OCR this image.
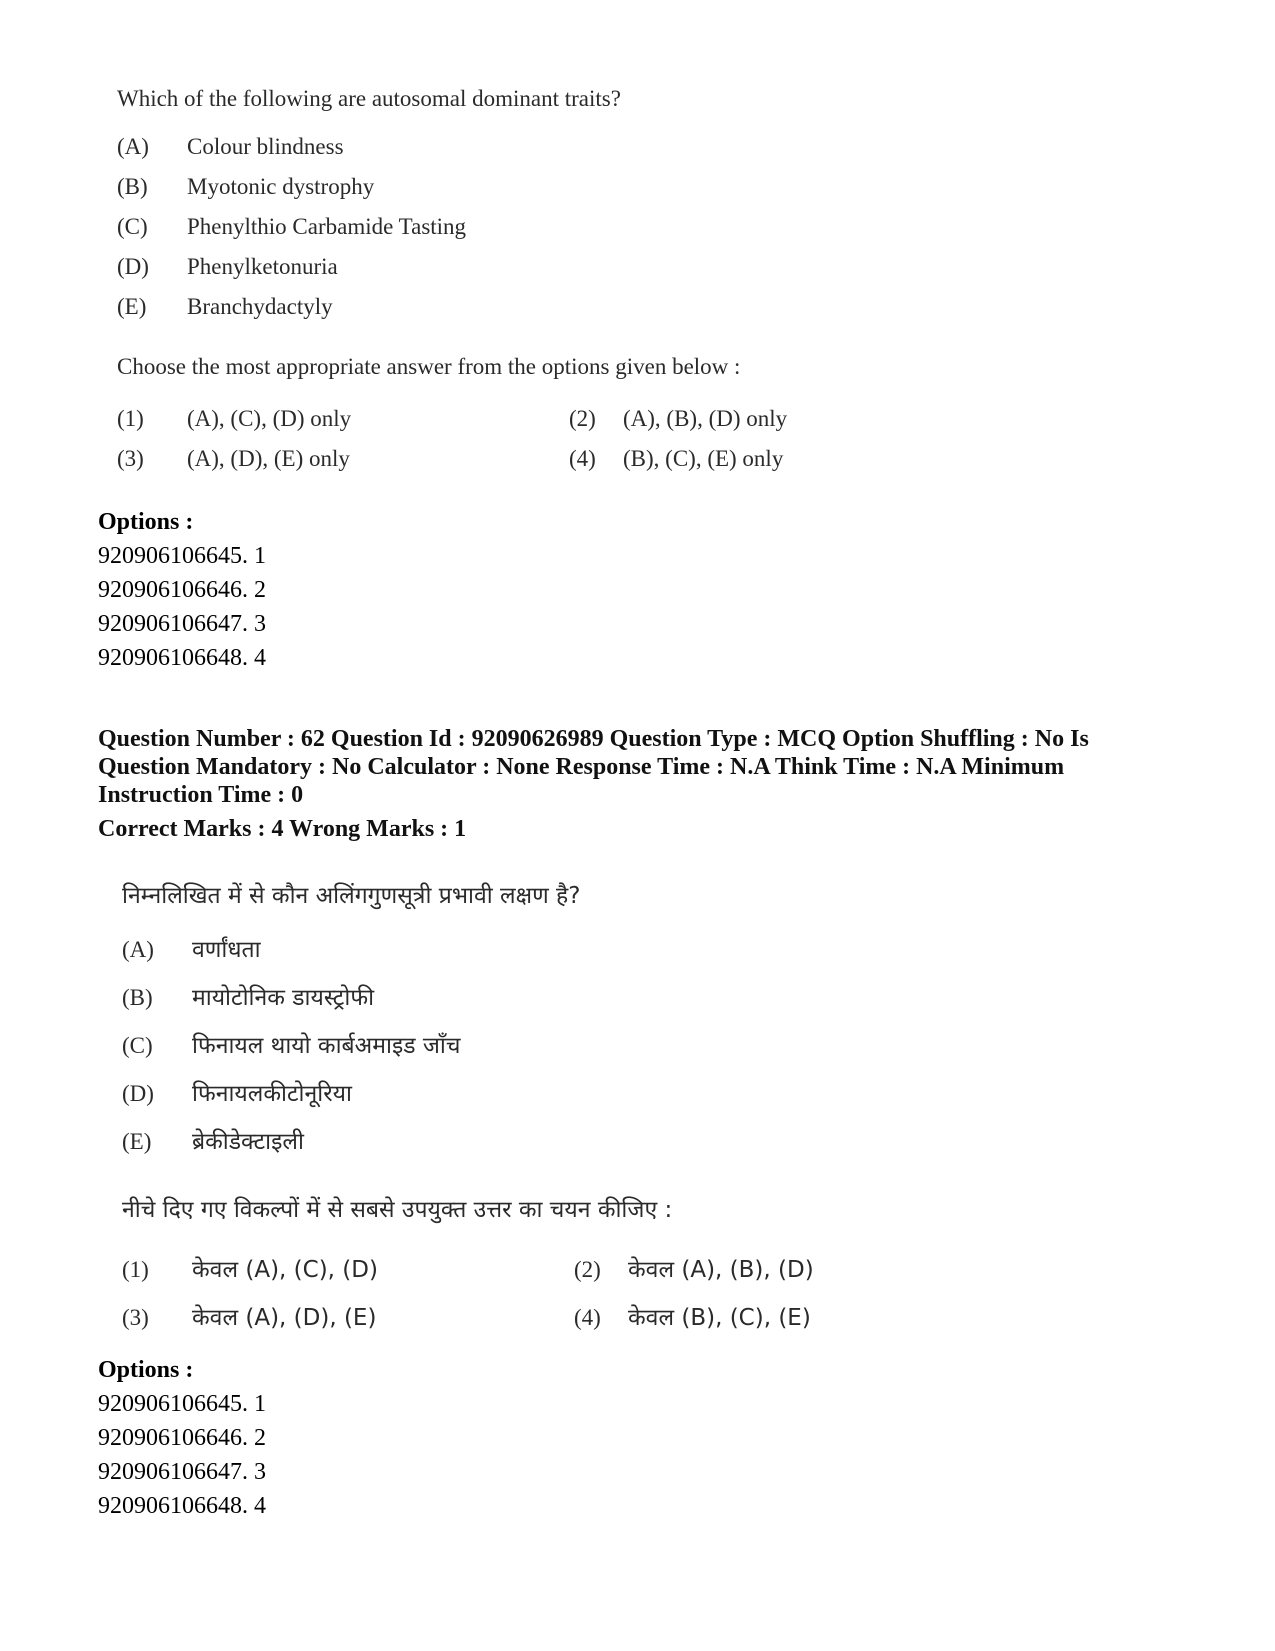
Which of the following are autosomal dominant traits?
(A) Colour blindness
(B) Myotonic dystrophy
(C) Phenylthio Carbamide Tasting
(D) Phenylketonuria
(E) Branchydactyly
Choose the most appropriate answer from the options given below :
(1) (A), (C), (D) only	(2) (A), (B), (D) only
(3) (A), (D), (E) only	(4) (B), (C), (E) only
Options :
920906106645. 1
920906106646. 2
920906106647. 3
920906106648. 4
Question Number : 62 Question Id : 92090626989 Question Type : MCQ Option Shuffling : No Is Question Mandatory : No Calculator : None Response Time : N.A Think Time : N.A Minimum Instruction Time : 0
Correct Marks : 4 Wrong Marks : 1
निम्नलिखित में से कौन अलिंगगुणसूत्री प्रभावी लक्षण है?
(A) वर्णांधता
(B) मायोटोनिक डायस्ट्रोफी
(C) फिनायल थायो कार्बअमाइड जाँच
(D) फिनायलकीटोनूरिया
(E) ब्रेकीडेक्टाइली
नीचे दिए गए विकल्पों में से सबसे उपयुक्त उत्तर का चयन कीजिए :
(1) केवल (A), (C), (D)	(2) केवल (A), (B), (D)
(3) केवल (A), (D), (E)	(4) केवल (B), (C), (E)
Options :
920906106645. 1
920906106646. 2
920906106647. 3
920906106648. 4
